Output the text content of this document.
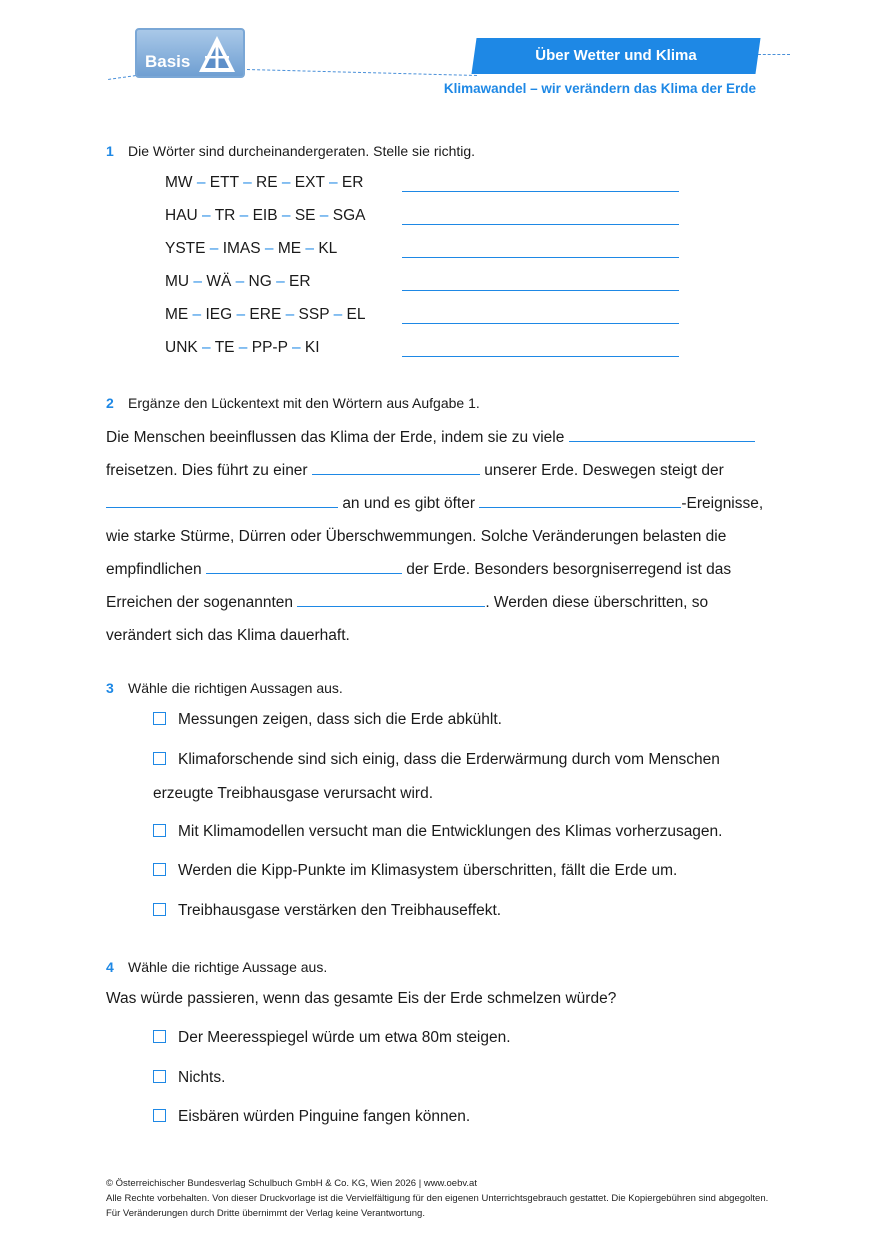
Basis	Über Wetter und Klima
Klimawandel – wir verändern das Klima der Erde
1 Die Wörter sind durcheinandergeraten. Stelle sie richtig.
MW – ETT – RE – EXT – ER
HAU – TR – EIB – SE – SGA
YSTE – IMAS – ME – KL
MU – WÄ – NG – ER
ME – IEG – ERE – SSP – EL
UNK – TE – PP-P – KI
2 Ergänze den Lückentext mit den Wörtern aus Aufgabe 1.
Die Menschen beeinflussen das Klima der Erde, indem sie zu viele
freisetzen. Dies führt zu einer	unserer Erde. Deswegen steigt der
an und es gibt öfter	-Ereignisse,
wie starke Stürme, Dürren oder Überschwemmungen. Solche Veränderungen belasten die
empfindlichen	der Erde. Besonders besorgniserregend ist das
Erreichen der sogenannten	. Werden diese überschritten, so
verändert sich das Klima dauerhaft.
3 Wähle die richtigen Aussagen aus.
Messungen zeigen, dass sich die Erde abkühlt.
Klimaforschende sind sich einig, dass die Erderwärmung durch vom Menschen
erzeugte Treibhausgase verursacht wird.
Mit Klimamodellen versucht man die Entwicklungen des Klimas vorherzusagen.
Werden die Kipp-Punkte im Klimasystem überschritten, fällt die Erde um.
Treibhausgase verstärken den Treibhauseffekt.
4 Wähle die richtige Aussage aus.
Was würde passieren, wenn das gesamte Eis der Erde schmelzen würde?
Der Meeresspiegel würde um etwa 80m steigen.
Nichts.
Eisbären würden Pinguine fangen können.
© Österreichischer Bundesverlag Schulbuch GmbH & Co. KG, Wien 2026 | www.oebv.at
Alle Rechte vorbehalten. Von dieser Druckvorlage ist die Vervielfältigung für den eigenen Unterrichtsgebrauch gestattet. Die Kopiergebühren sind abgegolten.
Für Veränderungen durch Dritte übernimmt der Verlag keine Verantwortung.
